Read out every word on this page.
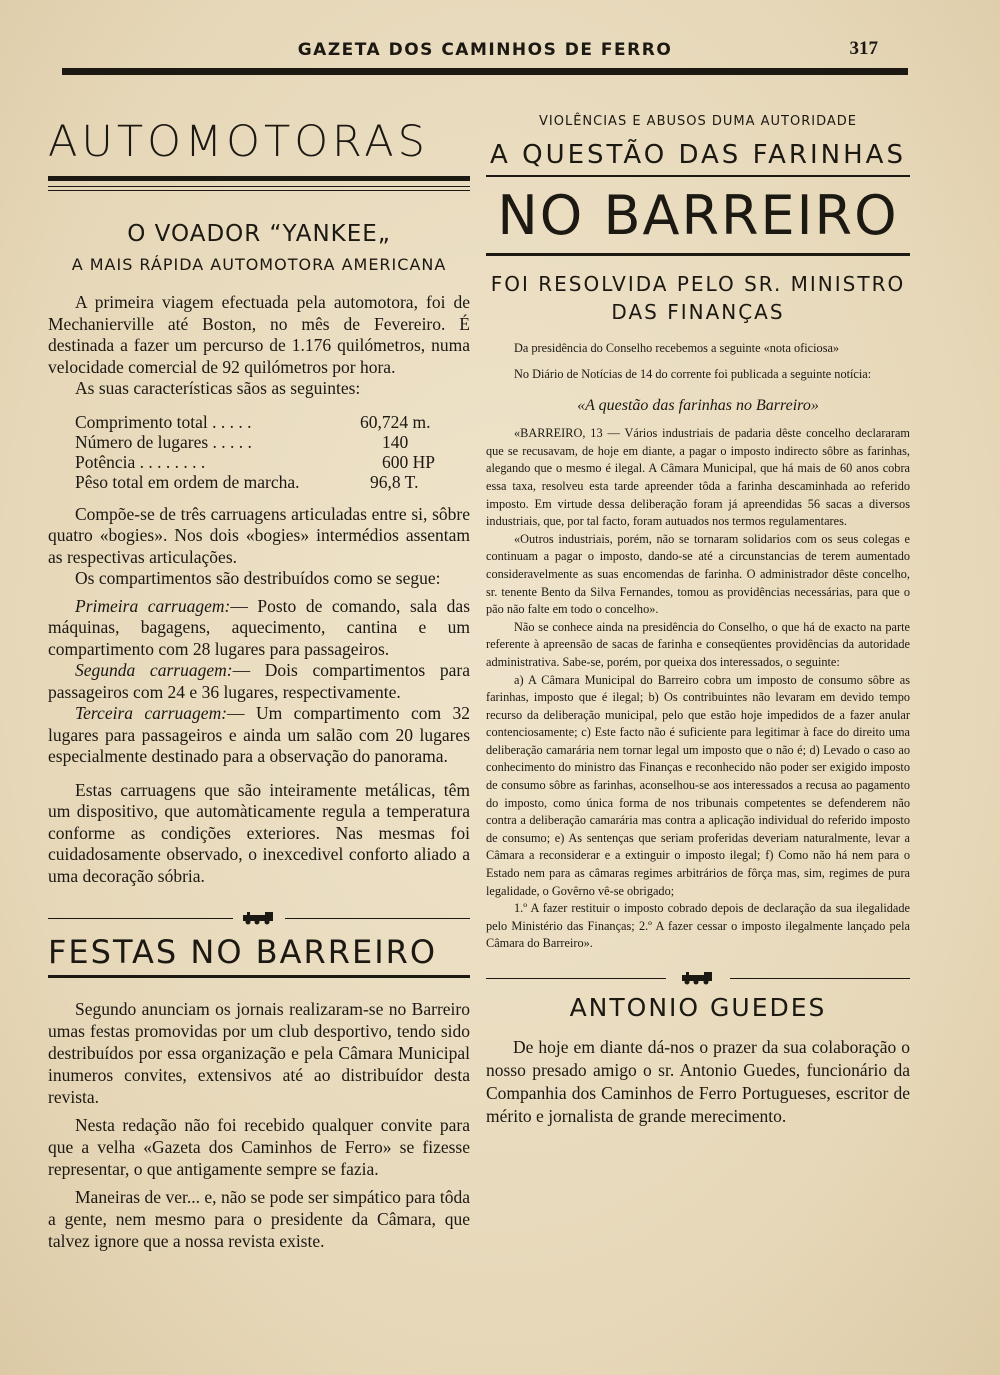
GAZETA DOS CAMINHOS DE FERRO	317
AUTOMOTORAS
O VOADOR “YANKEE„
A MAIS RÁPIDA AUTOMOTORA AMERICANA

A primeira viagem efectuada pela automotora, foi de Mechanierville até Boston, no mês de Fevereiro. É destinada a fazer um percurso de 1.176 quilómetros, numa velocidade comercial de 92 quilómetros por hora.

As suas características sãos as seguintes:

Comprimento total . . . . .	60,724 m.
Número de lugares . . . . .	140
Potência . . . . . . . .	600 HP
Pêso total em ordem de marcha.	96,8 T.

Compõe-se de três carruagens articuladas entre si, sôbre quatro «bogies». Nos dois «bogies» intermédios assentam as respectivas articulações.

Os compartimentos são destribuídos como se segue:

Primeira carruagem:— Posto de comando, sala das máquinas, bagagens, aquecimento, cantina e um compartimento com 28 lugares para passageiros.

Segunda carruagem:— Dois compartimentos para passageiros com 24 e 36 lugares, respectivamente.

Terceira carruagem:— Um compartimento com 32 lugares para passageiros e ainda um salão com 20 lugares especialmente destinado para a observação do panorama.

Estas carruagens que são inteiramente metálicas, têm um dispositivo, que automàticamente regula a temperatura conforme as condições exteriores. Nas mesmas foi cuidadosamente observado, o inexcedivel conforto aliado a uma decoração sóbria.

FESTAS NO BARREIRO

Segundo anunciam os jornais realizaram-se no Barreiro umas festas promovidas por um club desportivo, tendo sido destribuídos por essa organização e pela Câmara Municipal inumeros convites, extensivos até ao distribuídor desta revista.

Nesta redação não foi recebido qualquer convite para que a velha «Gazeta dos Caminhos de Ferro» se fizesse representar, o que antigamente sempre se fazia.

Maneiras de ver... e, não se pode ser simpático para tôda a gente, nem mesmo para o presidente da Câmara, que talvez ignore que a nossa revista existe.

VIOLÊNCIAS E ABUSOS DUMA AUTORIDADE
A QUESTÃO DAS FARINHAS
NO BARREIRO
FOI RESOLVIDA PELO SR. MINISTRO DAS FINANÇAS

Da presidência do Conselho recebemos a seguinte «nota oficiosa»

No Diário de Notícias de 14 do corrente foi publicada a seguinte notícia:

«A questão das farinhas no Barreiro»

«BARREIRO, 13 — Vários industriais de padaria dêste concelho declararam que se recusavam, de hoje em diante, a pagar o imposto indirecto sôbre as farinhas, alegando que o mesmo é ilegal. A Câmara Municipal, que há mais de 60 anos cobra essa taxa, resolveu esta tarde apreender tôda a farinha descaminhada ao referido imposto. Em virtude dessa deliberação foram já apreendidas 56 sacas a diversos industriais, que, por tal facto, foram autuados nos termos regulamentares.

«Outros industriais, porém, não se tornaram solidarios com os seus colegas e continuam a pagar o imposto, dando-se até a circunstancias de terem aumentado consideravelmente as suas encomendas de farinha. O administrador dêste concelho, sr. tenente Bento da Silva Fernandes, tomou as providências necessárias, para que o pão não falte em todo o concelho».

Não se conhece ainda na presidência do Conselho, o que há de exacto na parte referente à apreensão de sacas de farinha e conseqüentes providências da autoridade administrativa. Sabe-se, porém, por queixa dos interessados, o seguinte:

a) A Câmara Municipal do Barreiro cobra um imposto de consumo sôbre as farinhas, imposto que é ilegal; b) Os contribuintes não levaram em devido tempo recurso da deliberação municipal, pelo que estão hoje impedidos de a fazer anular contenciosamente; c) Este facto não é suficiente para legitimar à face do direito uma deliberação camarária nem tornar legal um imposto que o não é; d) Levado o caso ao conhecimento do ministro das Finanças e reconhecido não poder ser exigido imposto de consumo sôbre as farinhas, aconselhou-se aos interessados a recusa ao pagamento do imposto, como única forma de nos tribunais competentes se defenderem não contra a deliberação camarária mas contra a aplicação individual do referido imposto de consumo; e) As sentenças que seriam proferidas deveriam naturalmente, levar a Câmara a reconsiderar e a extinguir o imposto ilegal; f) Como não há nem para o Estado nem para as câmaras regimes arbitrários de fôrça mas, sim, regimes de pura legalidade, o Govêrno vê-se obrigado;

1.º A fazer restituir o imposto cobrado depois de declaração da sua ilegalidade pelo Ministério das Finanças; 2.º A fazer cessar o imposto ilegalmente lançado pela Câmara do Barreiro».

ANTONIO GUEDES

De hoje em diante dá-nos o prazer da sua colaboração o nosso presado amigo o sr. Antonio Guedes, funcionário da Companhia dos Caminhos de Ferro Portugueses, escritor de mérito e jornalista de grande merecimento.
